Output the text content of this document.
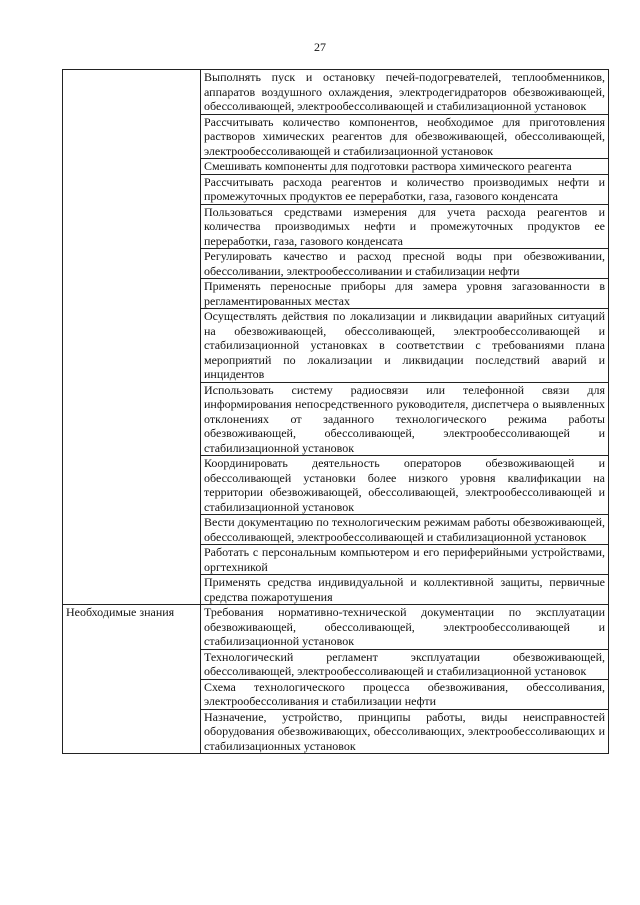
27

	Выполнять пуск и остановку печей-подогревателей, теплообменников, аппаратов воздушного охлаждения, электродегидраторов обезвоживающей, обессоливающей, электрообессоливающей и стабилизационной установок

	Рассчитывать количество компонентов, необходимое для приготовления растворов химических реагентов для обезвоживающей, обессоливающей, электрообессоливающей и стабилизационной установок

	Смешивать компоненты для подготовки раствора химического реагента

	Рассчитывать расхода реагентов и количество производимых нефти и промежуточных продуктов ее переработки, газа, газового конденсата

	Пользоваться средствами измерения для учета расхода реагентов и количества производимых нефти и промежуточных продуктов ее переработки, газа, газового конденсата

	Регулировать качество и расход пресной воды при обезвоживании, обессоливании, электрообессоливании и стабилизации нефти

	Применять переносные приборы для замера уровня загазованности в регламентированных местах

	Осуществлять действия по локализации и ликвидации аварийных ситуаций на обезвоживающей, обессоливающей, электрообессоливающей и стабилизационной установках в соответствии с требованиями плана мероприятий по локализации и ликвидации последствий аварий и инцидентов

	Использовать систему радиосвязи или телефонной связи для информирования непосредственного руководителя, диспетчера о выявленных отклонениях от заданного технологического режима работы обезвоживающей, обессоливающей, электрообессоливающей и стабилизационной установок

	Координировать деятельность операторов обезвоживающей и обессоливающей установки более низкого уровня квалификации на территории обезвоживающей, обессоливающей, электрообессоливающей и стабилизационной установок

	Вести документацию по технологическим режимам работы обезвоживающей, обессоливающей, электрообессоливающей и стабилизационной установок

	Работать с персональным компьютером и его периферийными устройствами, оргтехникой

	Применять средства индивидуальной и коллективной защиты, первичные средства пожаротушения

Необходимые знания	Требования нормативно-технической документации по эксплуатации обезвоживающей, обессоливающей, электрообессоливающей и стабилизационной установок

	Технологический регламент эксплуатации обезвоживающей, обессоливающей, электрообессоливающей и стабилизационной установок

	Схема технологического процесса обезвоживания, обессоливания, электрообессоливания и стабилизации нефти

	Назначение, устройство, принципы работы, виды неисправностей оборудования обезвоживающих, обессоливающих, электрообессоливающих и стабилизационных установок
